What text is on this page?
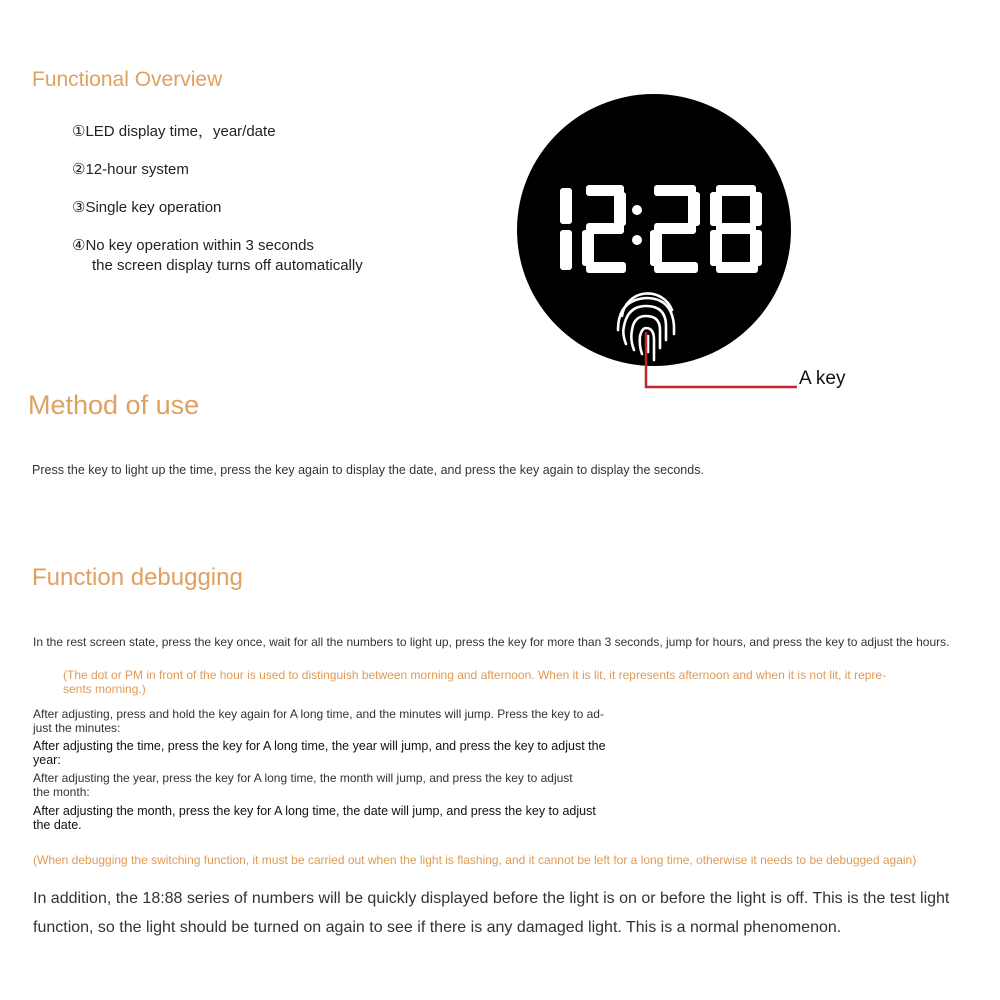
Functional Overview
①LED display time，year/date
②12-hour system
③Single key operation
④No key operation within 3 seconds
the screen display turns off automatically
A key
Method of use
Press the key to light up the time, press the key again to display the date, and press the key again to display the seconds.
Function debugging
In the rest screen state, press the key once, wait for all the numbers to light up, press the key for more than 3 seconds, jump for hours, and press the key to adjust the hours.
(The dot or PM in front of the hour is used to distinguish between morning and afternoon. When it is lit, it represents afternoon and when it is not lit, it repre-
sents morning.)
After adjusting, press and hold the key again for A long time, and the minutes will jump. Press the key to ad-
just the minutes:
After adjusting the time, press the key for A long time, the year will jump, and press the key to adjust the
year:
After adjusting the year, press the key for A long time, the month will jump, and press the key to adjust
the month:
After adjusting the month, press the key for A long time, the date will jump, and press the key to adjust
the date.
(When debugging the switching function, it must be carried out when the light is flashing, and it cannot be left for a long time, otherwise it needs to be debugged again)
In addition, the 18:88 series of numbers will be quickly displayed before the light is on or before the light is off. This is the test light function, so the light should be turned on again to see if there is any damaged light. This is a normal phenomenon.
